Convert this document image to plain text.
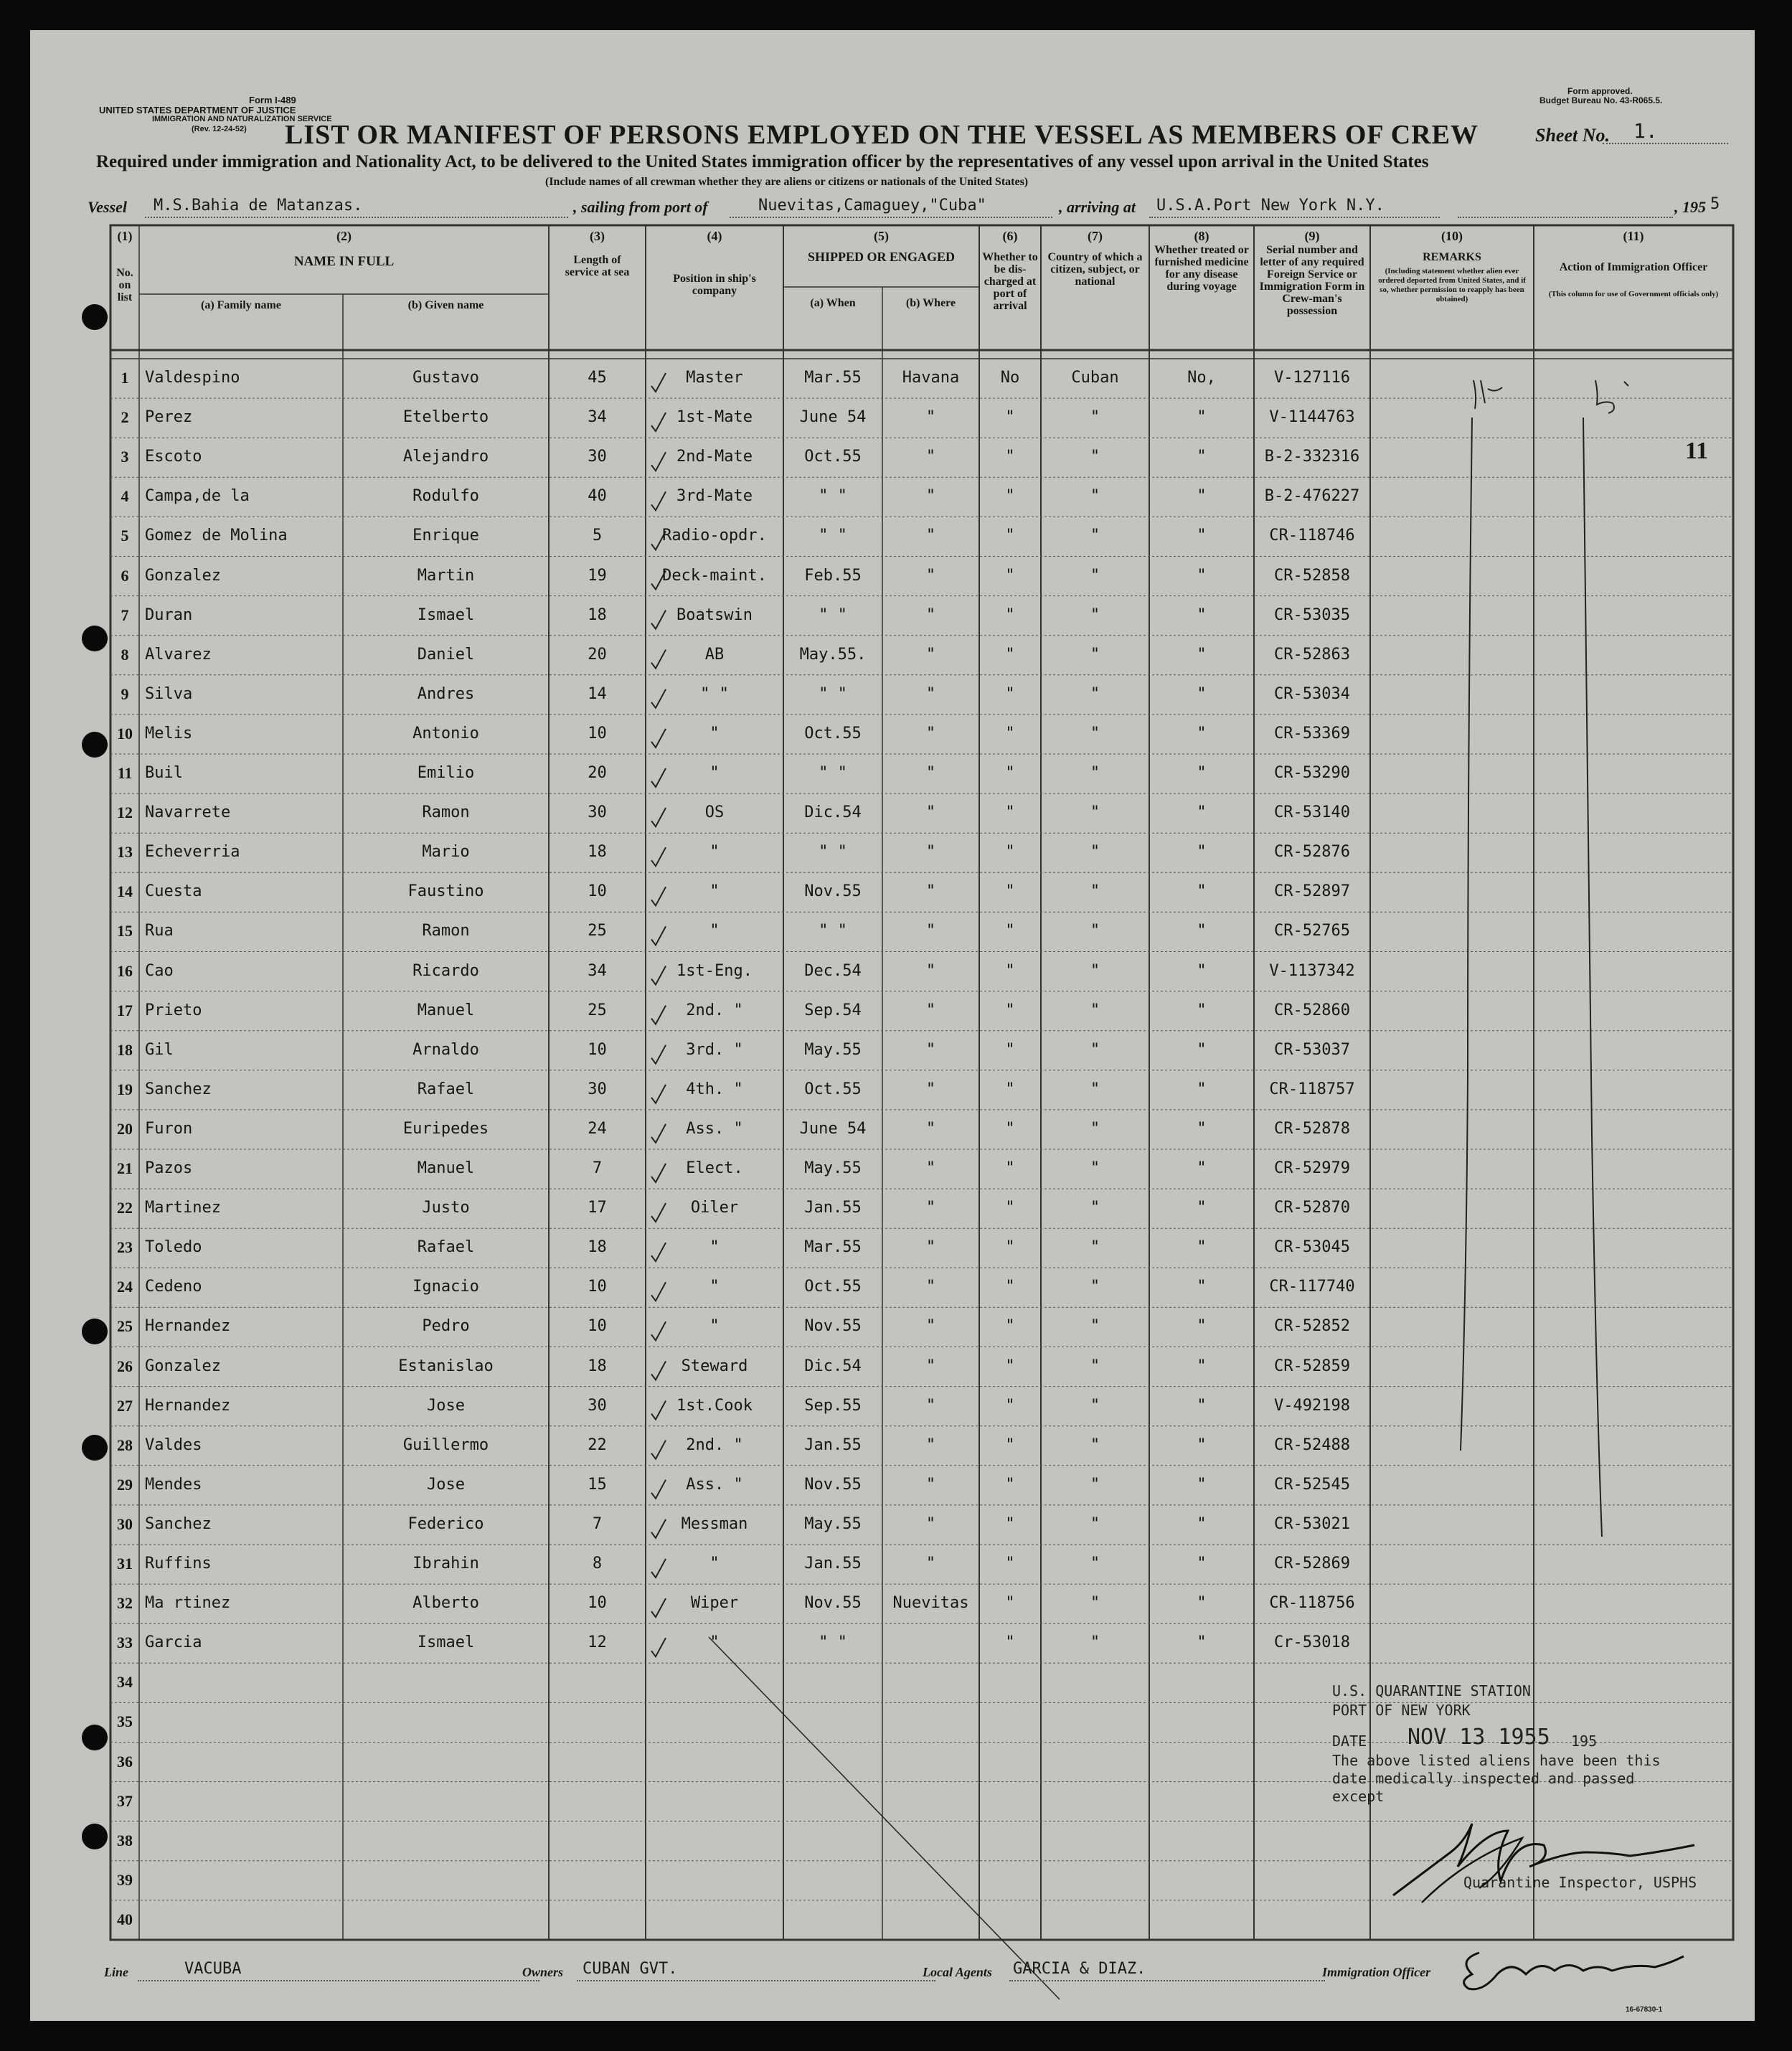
Form I-489
UNITED STATES DEPARTMENT OF JUSTICE
IMMIGRATION AND NATURALIZATION SERVICE
(Rev. 12-24-52)
Form approved.
Budget Bureau No. 43-R065.5.
LIST OR MANIFEST OF PERSONS EMPLOYED ON THE VESSEL AS MEMBERS OF CREW	Sheet No. 1.
Required under immigration and Nationality Act, to be delivered to the United States immigration officer by the representatives of any vessel upon arrival in the United States
(Include names of all crewman whether they are aliens or citizens or nationals of the United States)
Vessel M.S.Bahia de Matanzas.	, sailing from port of	Nuevitas,Camaguey,"Cuba"	, arriving at U.S.A.Port New York N.Y.	, 195 5
(1)
No. on list
(2)
NAME IN FULL
(a) Family name	(b) Given name
(3)
Length of service at sea
(4)
Position in ship's company
(5)
SHIPPED OR ENGAGED
(a) When	(b) Where
(6)
Whether to be dis-charged at port of arrival
(7)
Country of which a citizen, subject, or national
(8)
Whether treated or furnished medicine for any disease during voyage
(9)
Serial number and letter of any required Foreign Service or Immigration Form in Crew-man's possession
(10)
REMARKS
(Including statement whether alien ever ordered deported from United States, and if so, whether permission to reapply has been obtained)
(11)
Action of Immigration Officer
(This column for use of Government officials only)
1	Valdespino	Gustavo	45	Master	Mar.55	Havana	No	Cuban	No,	V-127116
2	Perez	Etelberto	34	1st-Mate	June 54	"	"	"	"	V-1144763
3	Escoto	Alejandro	30	2nd-Mate	Oct.55	"	"	"	"	B-2-332316
4	Campa,de la	Rodulfo	40	3rd-Mate	" "	"	"	"	"	B-2-476227
5	Gomez de Molina	Enrique	5	Radio-opdr.	" "	"	"	"	"	CR-118746
6	Gonzalez	Martin	19	Deck-maint.	Feb.55	"	"	"	"	CR-52858
7	Duran	Ismael	18	Boatswin	" "	"	"	"	"	CR-53035
8	Alvarez	Daniel	20	AB	May.55.	"	"	"	"	CR-52863
9	Silva	Andres	14	" "	" "	"	"	"	"	CR-53034
10 Melis	Antonio	10	"	Oct.55	"	"	"	"	CR-53369
11 Buil	Emilio	20	"	" "	"	"	"	"	CR-53290
12 Navarrete	Ramon	30	OS	Dic.54	"	"	"	"	CR-53140
13 Echeverria	Mario	18	"	" "	"	"	"	"	CR-52876
14 Cuesta	Faustino	10	"	Nov.55	"	"	"	"	CR-52897
15 Rua	Ramon	25	"	" "	"	"	"	"	CR-52765
16 Cao	Ricardo	34	1st-Eng.	Dec.54	"	"	"	"	V-1137342
17 Prieto	Manuel	25	2nd. "	Sep.54	"	"	"	"	CR-52860
18 Gil	Arnaldo	10	3rd. "	May.55	"	"	"	"	CR-53037
19 Sanchez	Rafael	30	4th. "	Oct.55	"	"	"	"	CR-118757
20 Furon	Euripedes	24	Ass. "	June 54	"	"	"	"	CR-52878
21 Pazos	Manuel	7	Elect.	May.55	"	"	"	"	CR-52979
22 Martinez	Justo	17	Oiler	Jan.55	"	"	"	"	CR-52870
23 Toledo	Rafael	18	"	Mar.55	"	"	"	"	CR-53045
24 Cedeno	Ignacio	10	"	Oct.55	"	"	"	"	CR-117740
25 Hernandez	Pedro	10	"	Nov.55	"	"	"	"	CR-52852
26 Gonzalez	Estanislao	18	Steward	Dic.54	"	"	"	"	CR-52859
27 Hernandez	Jose	30	1st.Cook	Sep.55	"	"	"	"	V-492198
28 Valdes	Guillermo	22	2nd. "	Jan.55	"	"	"	"	CR-52488
29 Mendes	Jose	15	Ass. "	Nov.55	"	"	"	"	CR-52545
30 Sanchez	Federico	7	Messman	May.55	"	"	"	"	CR-53021
31 Ruffins	Ibrahin	8	"	Jan.55	"	"	"	"	CR-52869
32 Ma rtinez	Alberto	10	Wiper	Nov.55	Nuevitas	"	"	"	CR-118756
33 Garcia	Ismael	12	"	" "	"	"	"	Cr-53018
34
35
36
37
38
39
40
11
U.S. QUARANTINE STATION
PORT OF NEW YORK
DATE NOV 13 1955 195
The above listed aliens have been this
date medically inspected and passed
except
Quarantine Inspector, USPHS
Line	VACUBA	Owners CUBAN GVT.	Local Agents GARCIA & DIAZ.	Immigration Officer
16-67830-1
